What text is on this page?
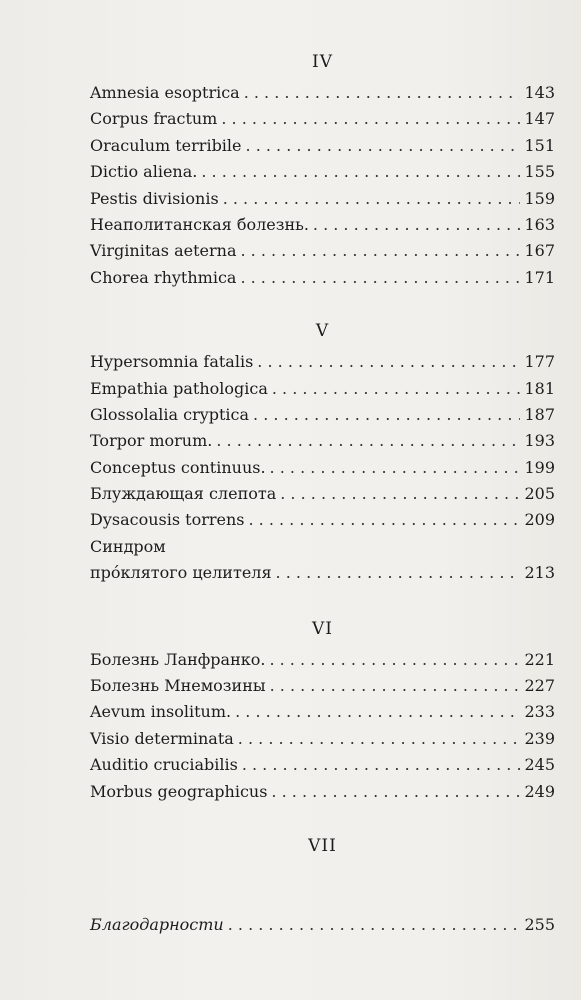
IV
Amnesia esoptrica . . .	143
Corpus fractum . . .	147
Oraculum terribile . . .	151
Dictio aliena. . . .	155
Pestis divisionis . . .	159
Неаполитанская болезнь. . . .	163
Virginitas aeterna . . .	167
Chorea rhythmica . . .	171
V
Hypersomnia fatalis . . .	177
Empathia pathologica . . .	181
Glossolalia cryptica . . .	187
Torpor morum. . . .	193
Conceptus continuus. . . .	199
Блуждающая слепота . . .	205
Dysacousis torrens . . .	209
Синдром
про́клятого целителя . . .	213
VI
Болезнь Ланфранко. . . .	221
Болезнь Мнемозины . . .	227
Aevum insolitum. . . .	233
Visio determinata . . .	239
Auditio cruciabilis . . .	245
Morbus geographicus . . .	249
VII
Благодарности . . .	255
